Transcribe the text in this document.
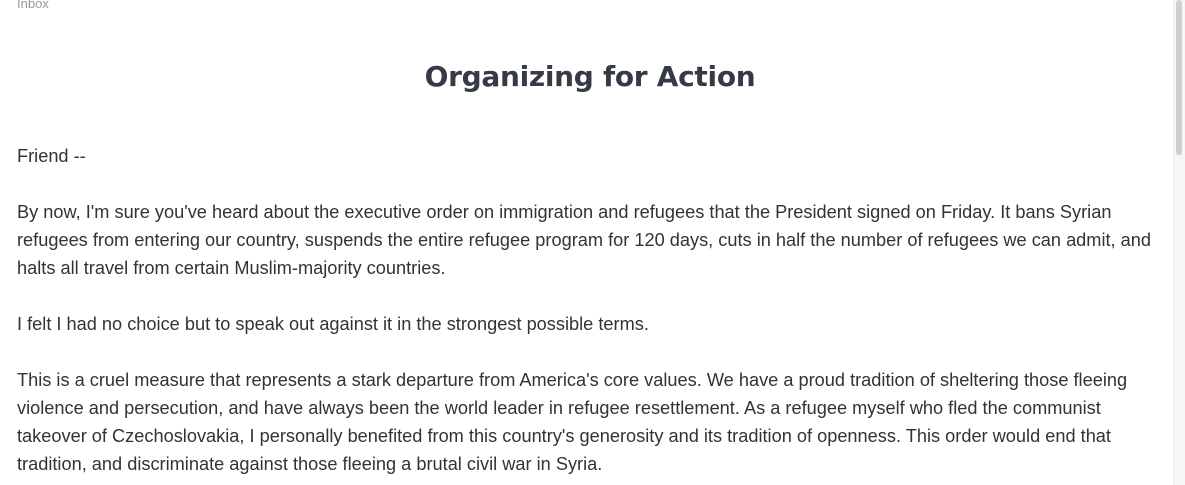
Inbox
Organizing for Action

Friend --

By now, I'm sure you've heard about the executive order on immigration and refugees that the President signed on Friday. It bans Syrian refugees from entering our country, suspends the entire refugee program for 120 days, cuts in half the number of refugees we can admit, and halts all travel from certain Muslim-majority countries.

I felt I had no choice but to speak out against it in the strongest possible terms.

This is a cruel measure that represents a stark departure from America's core values. We have a proud tradition of sheltering those fleeing violence and persecution, and have always been the world leader in refugee resettlement. As a refugee myself who fled the communist takeover of Czechoslovakia, I personally benefited from this country's generosity and its tradition of openness. This order would end that tradition, and discriminate against those fleeing a brutal civil war in Syria.
